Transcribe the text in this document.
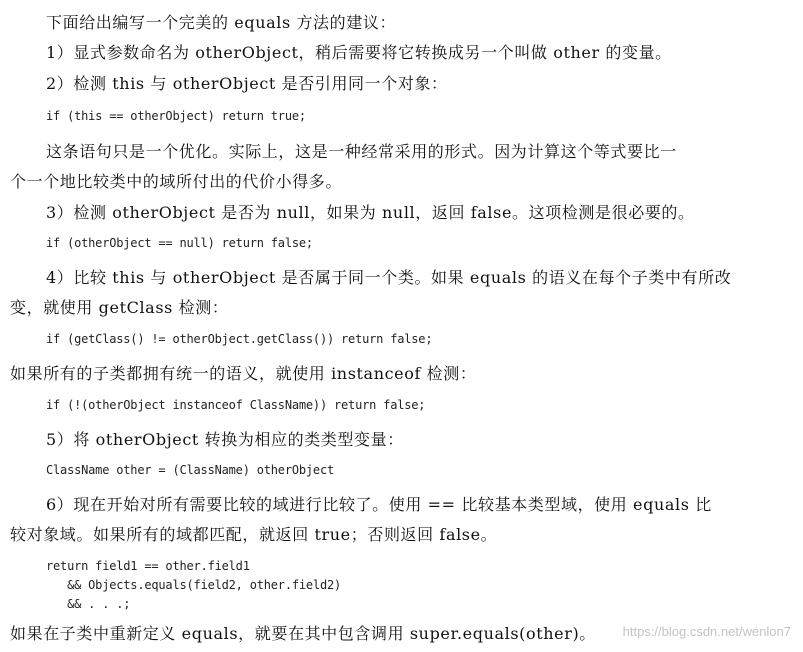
下面给出编写一个完美的 equals 方法的建议：
1）显式参数命名为 otherObject，稍后需要将它转换成另一个叫做 other 的变量。
2）检测 this 与 otherObject 是否引用同一个对象：
if (this == otherObject) return true;
这条语句只是一个优化。实际上，这是一种经常采用的形式。因为计算这个等式要比一
个一个地比较类中的域所付出的代价小得多。
3）检测 otherObject 是否为 null，如果为 null，返回 false。这项检测是很必要的。
if (otherObject == null) return false;
4）比较 this 与 otherObject 是否属于同一个类。如果 equals 的语义在每个子类中有所改
变，就使用 getClass 检测：
if (getClass() != otherObject.getClass()) return false;
如果所有的子类都拥有统一的语义，就使用 instanceof 检测：
if (!(otherObject instanceof ClassName)) return false;
5）将 otherObject 转换为相应的类类型变量：
ClassName other = (ClassName) otherObject
6）现在开始对所有需要比较的域进行比较了。使用 == 比较基本类型域，使用 equals 比
较对象域。如果所有的域都匹配，就返回 true；否则返回 false。
return field1 == other.field1
&& Objects.equals(field2, other.field2)
&& . . .;
如果在子类中重新定义 equals，就要在其中包含调用 super.equals(other)。 https://blog.csdn.net/wenlon7
